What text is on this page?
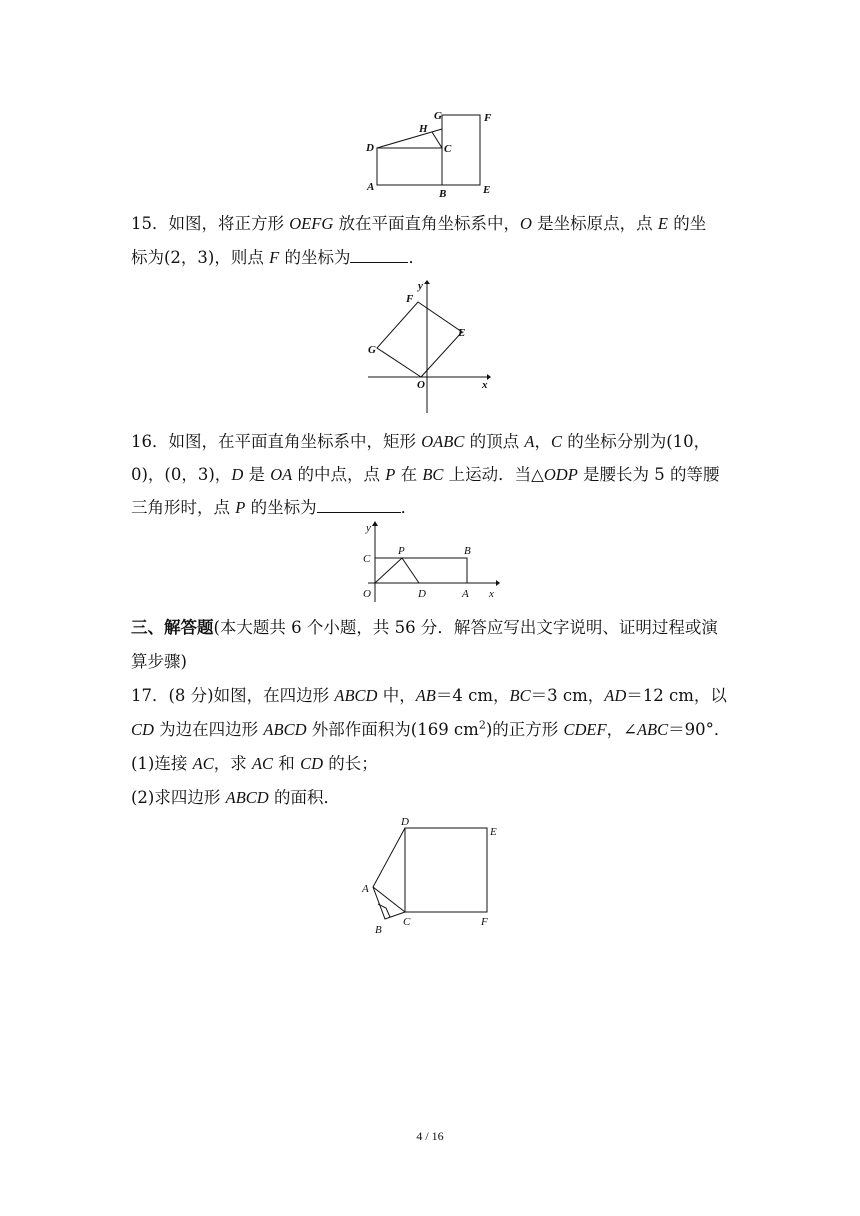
G	F
H
D	C
A
B	E
15．如图，将正方形 OEFG 放在平面直角坐标系中，O 是坐标原点，点 E 的坐
标为(2，3)，则点 F 的坐标为	．
y
F
E
G
O	x
16．如图，在平面直角坐标系中，矩形 OABC 的顶点 A，C 的坐标分别为(10，
0)，(0，3)，D 是 OA 的中点，点 P 在 BC 上运动．当△ODP 是腰长为 5 的等腰
三角形时，点 P 的坐标为	．
y
C
P	B
O	D	A x
三、解答题(本大题共 6 个小题，共 56 分．解答应写出文字说明、证明过程或演
算步骤)
17．(8 分)如图，在四边形 ABCD 中，AB＝4 cm，BC＝3 cm，AD＝12 cm，以
CD 为边在四边形 ABCD 外部作面积为(169 $cm^2$)的正方形 CDEF，∠ABC＝90°．
(1)连接 AC，求 AC 和 CD 的长；
(2)求四边形 ABCD 的面积．
D
E
A
C	F
B
4 / 16
